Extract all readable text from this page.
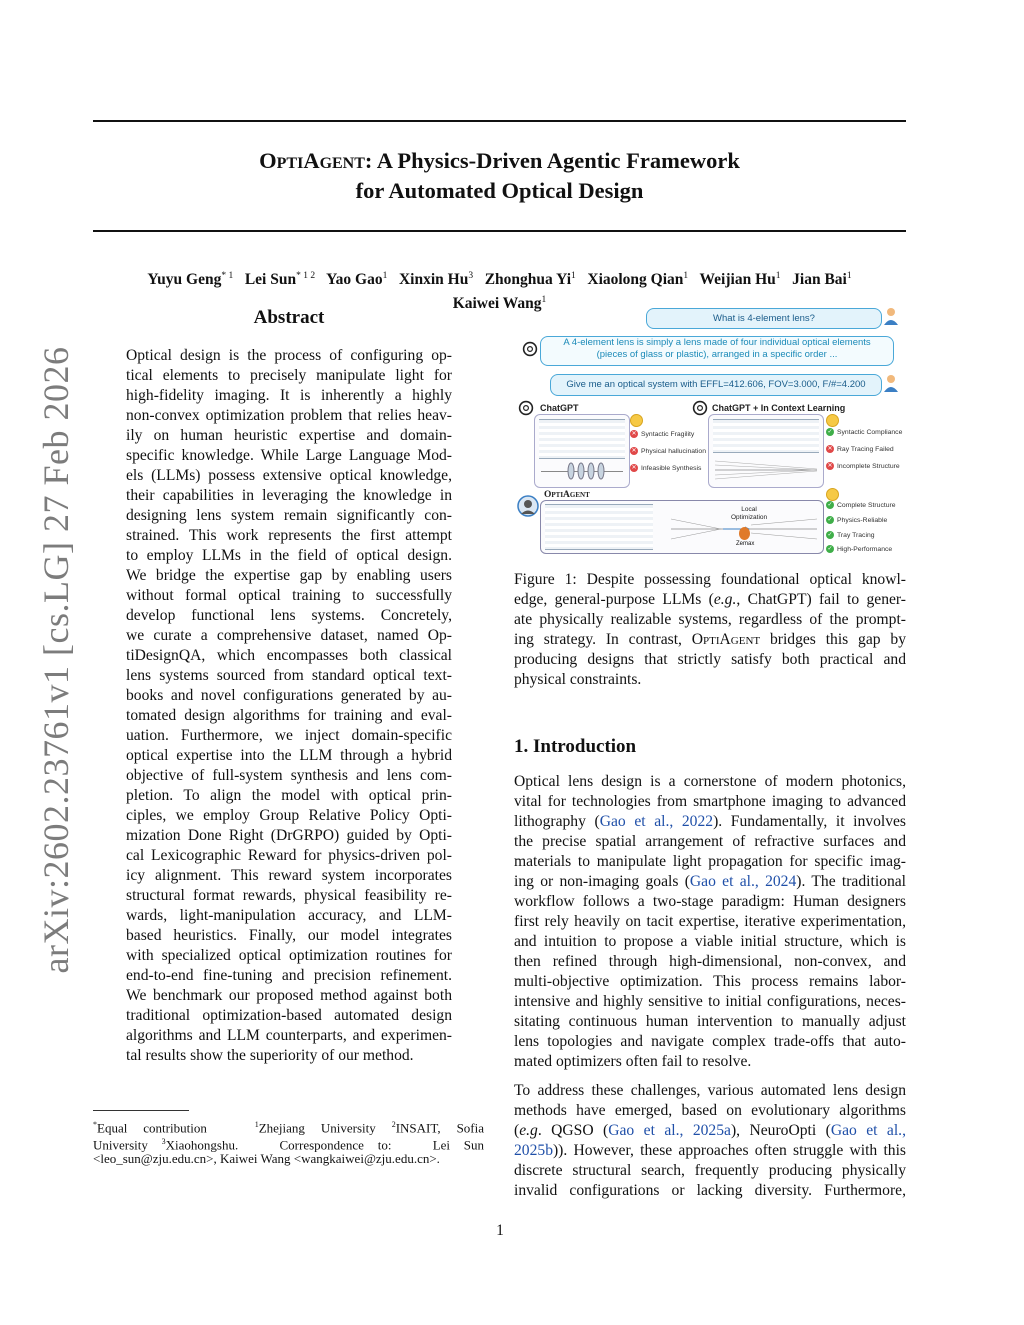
arXiv:2602.23761v1 [cs.LG] 27 Feb 2026
OptiAgent: A Physics-Driven Agentic Framework
for Automated Optical Design
Yuyu Geng$^{* 1}$ Lei Sun$^{* 1 2}$ Yao Gao$^1$ Xinxin Hu$^3$ Zhonghua Yi$^1$ Xiaolong Qian$^1$ Weijian Hu$^1$ Jian Bai$^1$
Kaiwei Wang$^1$
Abstract
Optical design is the process of configuring op-
tical elements to precisely manipulate light for
high-fidelity imaging. It is inherently a highly
non-convex optimization problem that relies heav-
ily on human heuristic expertise and domain-
specific knowledge. While Large Language Mod-
els (LLMs) possess extensive optical knowledge,
their capabilities in leveraging the knowledge in
designing lens system remain significantly con-
strained. This work represents the first attempt
to employ LLMs in the field of optical design.
We bridge the expertise gap by enabling users
without formal optical training to successfully
develop functional lens systems. Concretely,
we curate a comprehensive dataset, named Op-
tiDesignQA, which encompasses both classical
lens systems sourced from standard optical text-
books and novel configurations generated by au-
tomated design algorithms for training and eval-
uation. Furthermore, we inject domain-specific
optical expertise into the LLM through a hybrid
objective of full-system synthesis and lens com-
pletion. To align the model with optical prin-
ciples, we employ Group Relative Policy Opti-
mization Done Right (DrGRPO) guided by Opti-
cal Lexicographic Reward for physics-driven pol-
icy alignment. This reward system incorporates
structural format rewards, physical feasibility re-
wards, light-manipulation accuracy, and LLM-
based heuristics. Finally, our model integrates
with specialized optical optimization routines for
end-to-end fine-tuning and precision refinement.
We benchmark our proposed method against both
traditional optimization-based automated design
algorithms and LLM counterparts, and experimen-
tal results show the superiority of our method.
*Equal contribution	$^1$Zhejiang University $^2$INSAIT, Sofia
University $^3$Xiaohongshu.	Correspondence to:	Lei Sun
<leo_sun@zju.edu.cn>, Kaiwei Wang <wangkaiwei@zju.edu.cn>.
What is 4-element lens?
A 4-element lens is simply a lens made of four individual optical elements
(pieces of glass or plastic), arranged in a specific order ...
Give me an optical system with EFFL=412.606, FOV=3.000, F/#=4.200
ChatGPT
✕ Syntactic Fragility
✕ Physical hallucination
✕ Infeasible Synthesis
ChatGPT + In Context Learning
✓ Syntactic Compliance
✕ Ray Tracing Failed
✕ Incomplete Structure
OptiAgent
Local
Optimization
Zemax
✓ Complete Structure
✓ Physics-Reliable
✓ Tray Tracing
✓ High-Performance
Figure 1: Despite possessing foundational optical knowl-
edge, general-purpose LLMs (e.g., ChatGPT) fail to gener-
ate physically realizable systems, regardless of the prompt-
ing strategy. In contrast, OptiAgent bridges this gap by
producing designs that strictly satisfy both practical and
physical constraints.
1. Introduction
Optical lens design is a cornerstone of modern photonics,
vital for technologies from smartphone imaging to advanced
lithography (Gao et al., 2022). Fundamentally, it involves
the precise spatial arrangement of refractive surfaces and
materials to manipulate light propagation for specific imag-
ing or non-imaging goals (Gao et al., 2024). The traditional
workflow follows a two-stage paradigm: Human designers
first rely heavily on tacit expertise, iterative experimentation,
and intuition to propose a viable initial structure, which is
then refined through high-dimensional, non-convex, and
multi-objective optimization. This process remains labor-
intensive and highly sensitive to initial configurations, neces-
sitating continuous human intervention to manually adjust
lens topologies and navigate complex trade-offs that auto-
mated optimizers often fail to resolve.
To address these challenges, various automated lens design
methods have emerged, based on evolutionary algorithms
(e.g. QGSO (Gao et al., 2025a), NeuroOpti (Gao et al.,
2025b)). However, these approaches often struggle with this
discrete structural search, frequently producing physically
invalid configurations or lacking diversity. Furthermore,
1
